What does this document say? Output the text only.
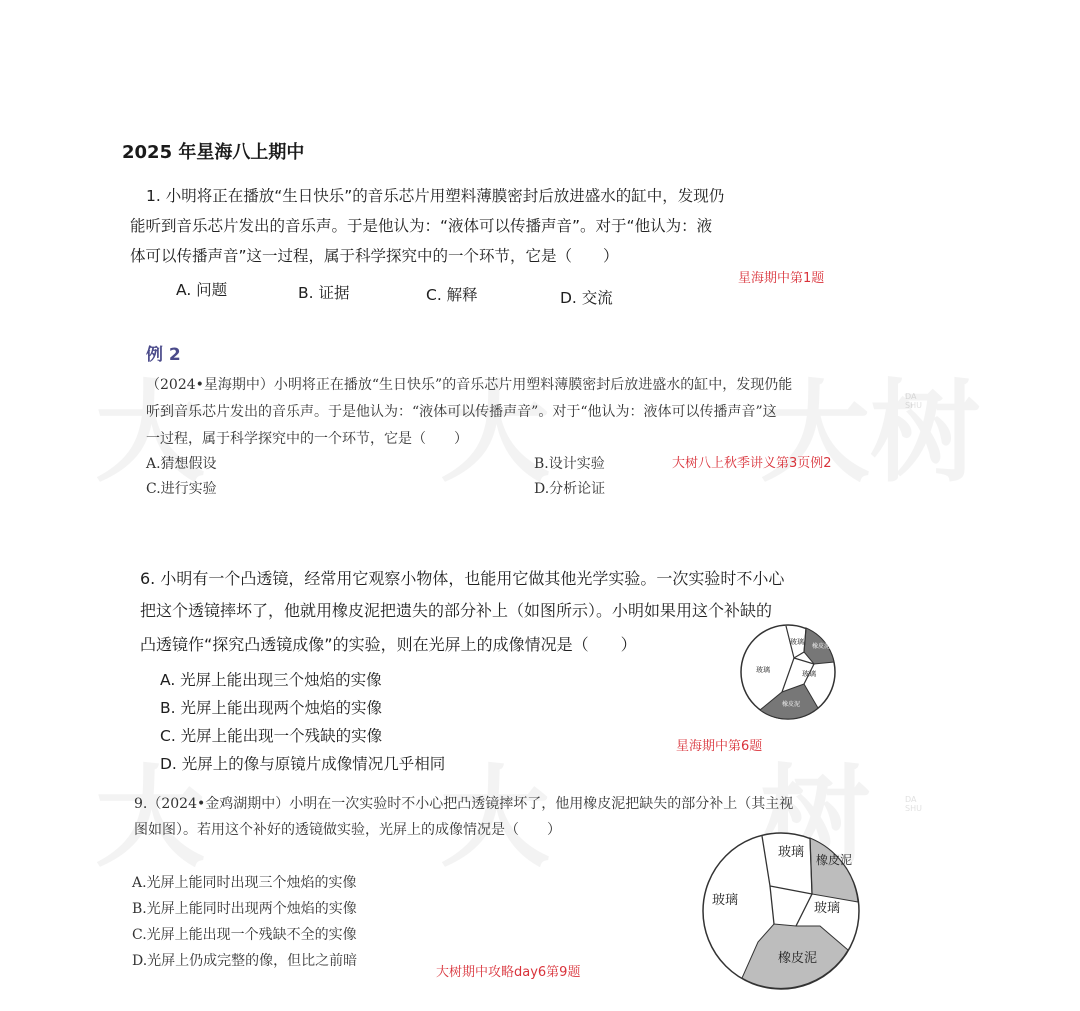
DA SHU
DA SHU
2025 年星海八上期中
1. 小明将正在播放“生日快乐”的音乐芯片用塑料薄膜密封后放进盛水的缸中，发现仍
能听到音乐芯片发出的音乐声。于是他认为：“液体可以传播声音”。对于“他认为：液
体可以传播声音”这一过程，属于科学探究中的一个环节，它是（　　）
A. 问题	B. 证据	C. 解释	D. 交流
星海期中第1题
例 2
（2024•星海期中）小明将正在播放“生日快乐”的音乐芯片用塑料薄膜密封后放进盛水的缸中，发现仍能
听到音乐芯片发出的音乐声。于是他认为：“液体可以传播声音”。对于“他认为：液体可以传播声音”这
一过程，属于科学探究中的一个环节，它是（　　）
A.猜想假设	B.设计实验
C.进行实验	D.分析论证
大树八上秋季讲义第3页例2
6. 小明有一个凸透镜，经常用它观察小物体，也能用它做其他光学实验。一次实验时不小心
把这个透镜摔坏了，他就用橡皮泥把遗失的部分补上（如图所示）。小明如果用这个补缺的
凸透镜作“探究凸透镜成像”的实验，则在光屏上的成像情况是（　　）
A. 光屏上能出现三个烛焰的实像
B. 光屏上能出现两个烛焰的实像
C. 光屏上能出现一个残缺的实像
D. 光屏上的像与原镜片成像情况几乎相同
星海期中第6题
玻璃
玻璃	玻璃
橡皮泥
橡皮泥
9.（2024•金鸡湖期中）小明在一次实验时不小心把凸透镜摔坏了，他用橡皮泥把缺失的部分补上（其主视
图如图）。若用这个补好的透镜做实验，光屏上的成像情况是（　　）
A.光屏上能同时出现三个烛焰的实像
B.光屏上能同时出现两个烛焰的实像
C.光屏上能出现一个残缺不全的实像
D.光屏上仍成完整的像，但比之前暗
大树期中攻略day6第9题
玻璃 橡皮泥
玻璃
玻璃
橡皮泥
